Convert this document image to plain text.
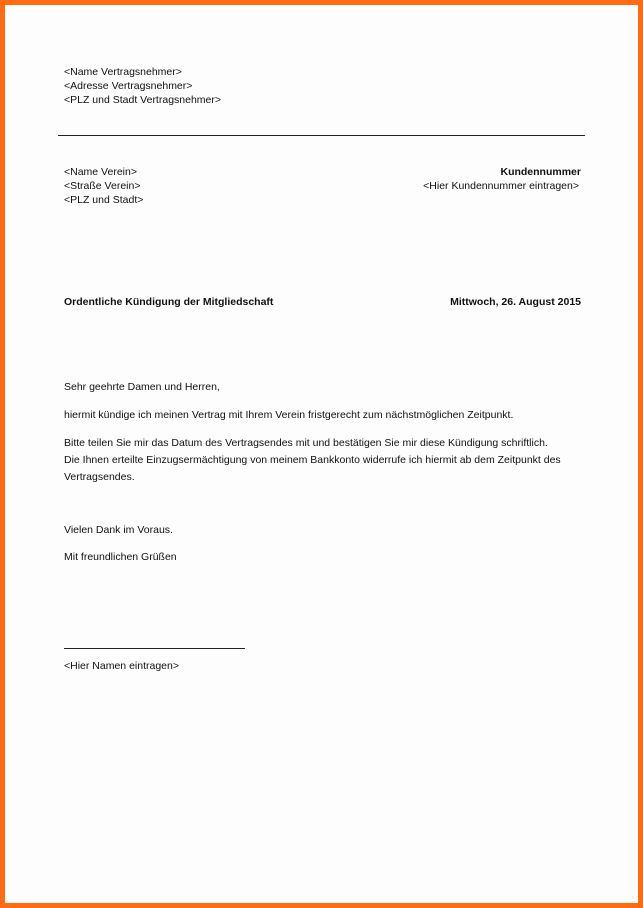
<Name Vertragsnehmer>

<Adresse Vertragsnehmer>

<PLZ und Stadt Vertragsnehmer>

<Name Verein>

<Straße Verein>

<PLZ und Stadt>

Kundennummer

<Hier Kundennummer eintragen>

Ordentliche Kündigung der Mitgliedschaft	Mittwoch, 26. August 2015

Sehr geehrte Damen und Herren,

hiermit kündige ich meinen Vertrag mit Ihrem Verein fristgerecht zum nächstmöglichen Zeitpunkt.

Bitte teilen Sie mir das Datum des Vertragsendes mit und bestätigen Sie mir diese Kündigung schriftlich.

Die Ihnen erteilte Einzugsermächtigung von meinem Bankkonto widerrufe ich hiermit ab dem Zeitpunkt des

Vertragsendes.

Vielen Dank im Voraus.

Mit freundlichen Grüßen

<Hier Namen eintragen>
